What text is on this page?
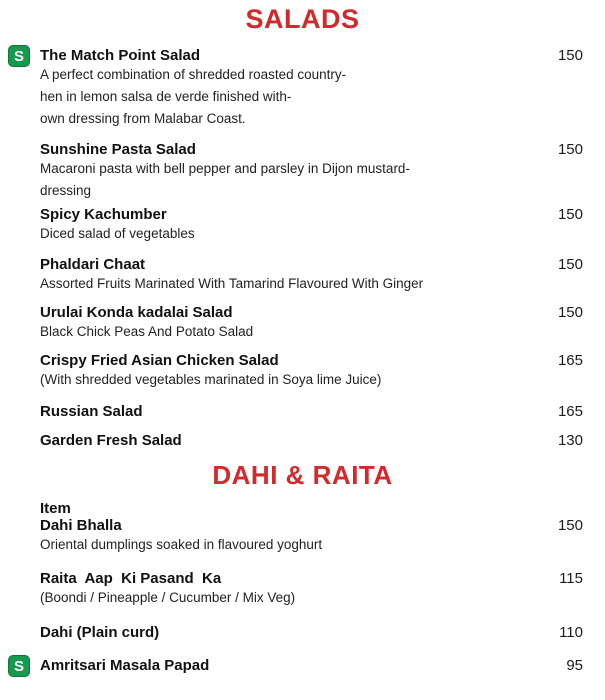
SALADS
S	The Match Point Salad	150
A perfect combination of shredded roasted country-
hen in lemon salsa de verde finished with-
own dressing from Malabar Coast.
Sunshine Pasta Salad	150
Macaroni pasta with bell pepper and parsley in Dijon mustard-
dressing
Spicy Kachumber	150
Diced salad of vegetables
Phaldari Chaat	150
Assorted Fruits Marinated With Tamarind Flavoured With Ginger
Urulai Konda kadalai Salad	150
Black Chick Peas And Potato Salad
Crispy Fried Asian Chicken Salad	165
(With shredded vegetables marinated in Soya lime Juice)
Russian Salad	165
Garden Fresh Salad	130
DAHI & RAITA
Item
Dahi Bhalla	150
Oriental dumplings soaked in flavoured yoghurt
Raita  Aap  Ki Pasand  Ka	115
(Boondi / Pineapple / Cucumber / Mix Veg)
Dahi (Plain curd)	110
S	Amritsari Masala Papad	95
